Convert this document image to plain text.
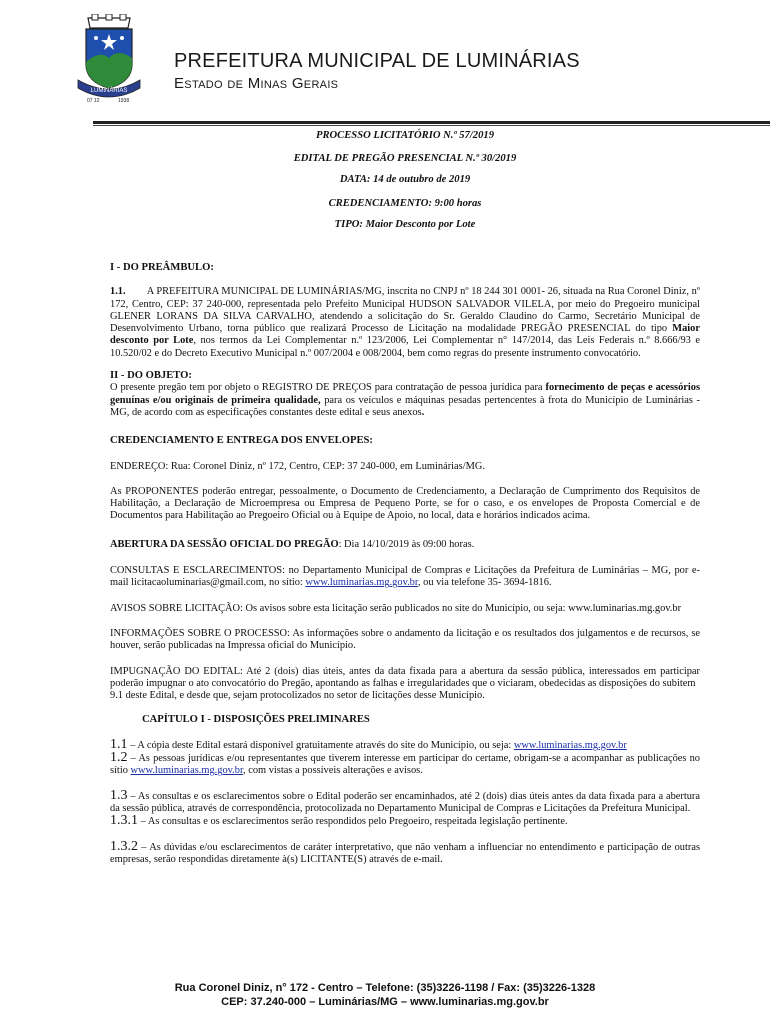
LUMINÁRIAS
07 12	1938
PREFEITURA MUNICIPAL DE LUMINÁRIAS
Estado de Minas Gerais
PROCESSO LICITATÓRIO N.º 57/2019
EDITAL DE PREGÃO PRESENCIAL N.º 30/2019
DATA: 14 de outubro de 2019
CREDENCIAMENTO: 9:00 horas
TIPO: Maior Desconto por Lote

I - DO PREÂMBULO:

1.1. A PREFEITURA MUNICIPAL DE LUMINÁRIAS/MG, inscrita no CNPJ nº 18 244 301 0001- 26, situada na Rua Coronel Diniz, nº 172, Centro, CEP: 37 240-000, representada pelo Prefeito Municipal HUDSON SALVADOR VILELA, por meio do Pregoeiro municipal GLENER LORANS DA SILVA CARVALHO, atendendo a solicitação do Sr. Geraldo Claudino do Carmo, Secretário Municipal de Desenvolvimento Urbano, torna público que realizará Processo de Licitação na modalidade PREGÃO PRESENCIAL do tipo Maior desconto por Lote, nos termos da Lei Complementar n.º 123/2006, Lei Complementar n° 147/2014, das Leis Federais n.º 8.666/93 e 10.520/02 e do Decreto Executivo Municipal n.º 007/2004 e 008/2004, bem como regras do presente instrumento convocatório.

II - DO OBJETO:

O presente pregão tem por objeto o REGISTRO DE PREÇOS para contratação de pessoa jurídica para fornecimento de peças e acessórios genuínas e/ou originais de primeira qualidade, para os veículos e máquinas pesadas pertencentes à frota do Município de Luminárias - MG, de acordo com as especificações constantes deste edital e seus anexos.

CREDENCIAMENTO E ENTREGA DOS ENVELOPES:

ENDEREÇO: Rua: Coronel Diniz, nº 172, Centro, CEP: 37 240-000, em Luminárias/MG.

As PROPONENTES poderão entregar, pessoalmente, o Documento de Credenciamento, a Declaração de Cumprimento dos Requisitos de Habilitação, a Declaração de Microempresa ou Empresa de Pequeno Porte, se for o caso, e os envelopes de Proposta Comercial e de Documentos para Habilitação ao Pregoeiro Oficial ou à Equipe de Apoio, no local, data e horários indicados acima.

ABERTURA DA SESSÃO OFICIAL DO PREGÃO: Dia 14/10/2019 às 09:00 horas.

CONSULTAS E ESCLARECIMENTOS: no Departamento Municipal de Compras e Licitações da Prefeitura de Luminárias – MG, por e-mail licitacaoluminarias@gmail.com, no sítio: www.luminarias.mg.gov.br, ou via telefone 35- 3694-1816.

AVISOS SOBRE LICITAÇÃO: Os avisos sobre esta licitação serão publicados no site do Município, ou seja: www.luminarias.mg.gov.br

INFORMAÇÕES SOBRE O PROCESSO: As informações sobre o andamento da licitação e os resultados dos julgamentos e de recursos, se houver, serão publicadas na Impressa oficial do Município.

IMPUGNAÇÃO DO EDITAL: Até 2 (dois) dias úteis, antes da data fixada para a abertura da sessão pública, interessados em participar poderão impugnar o ato convocatório do Pregão, apontando as falhas e irregularidades que o viciaram, obedecidas as disposições do subitem

9.1 deste Edital, e desde que, sejam protocolizados no setor de licitações desse Município.

CAPÍTULO I - DISPOSIÇÕES PRELIMINARES

1.1 – A cópia deste Edital estará disponível gratuitamente através do site do Município, ou seja: www.luminarias.mg.gov.br

1.2 – As pessoas jurídicas e/ou representantes que tiverem interesse em participar do certame, obrigam-se a acompanhar as publicações no sítio www.luminarias.mg.gov.br, com vistas a possíveis alterações e avisos.

1.3 – As consultas e os esclarecimentos sobre o Edital poderão ser encaminhados, até 2 (dois) dias úteis antes da data fixada para a abertura da sessão pública, através de correspondência, protocolizada no Departamento Municipal de Compras e Licitações da Prefeitura Municipal.

1.3.1 – As consultas e os esclarecimentos serão respondidos pelo Pregoeiro, respeitada legislação pertinente.

1.3.2 – As dúvidas e/ou esclarecimentos de caráter interpretativo, que não venham a influenciar no entendimento e participação de outras empresas, serão respondidas diretamente à(s) LICITANTE(S) através de e-mail.

Rua Coronel Diniz, n° 172 - Centro – Telefone: (35)3226-1198 / Fax: (35)3226-1328
CEP: 37.240-000 – Luminárias/MG – www.luminarias.mg.gov.br
